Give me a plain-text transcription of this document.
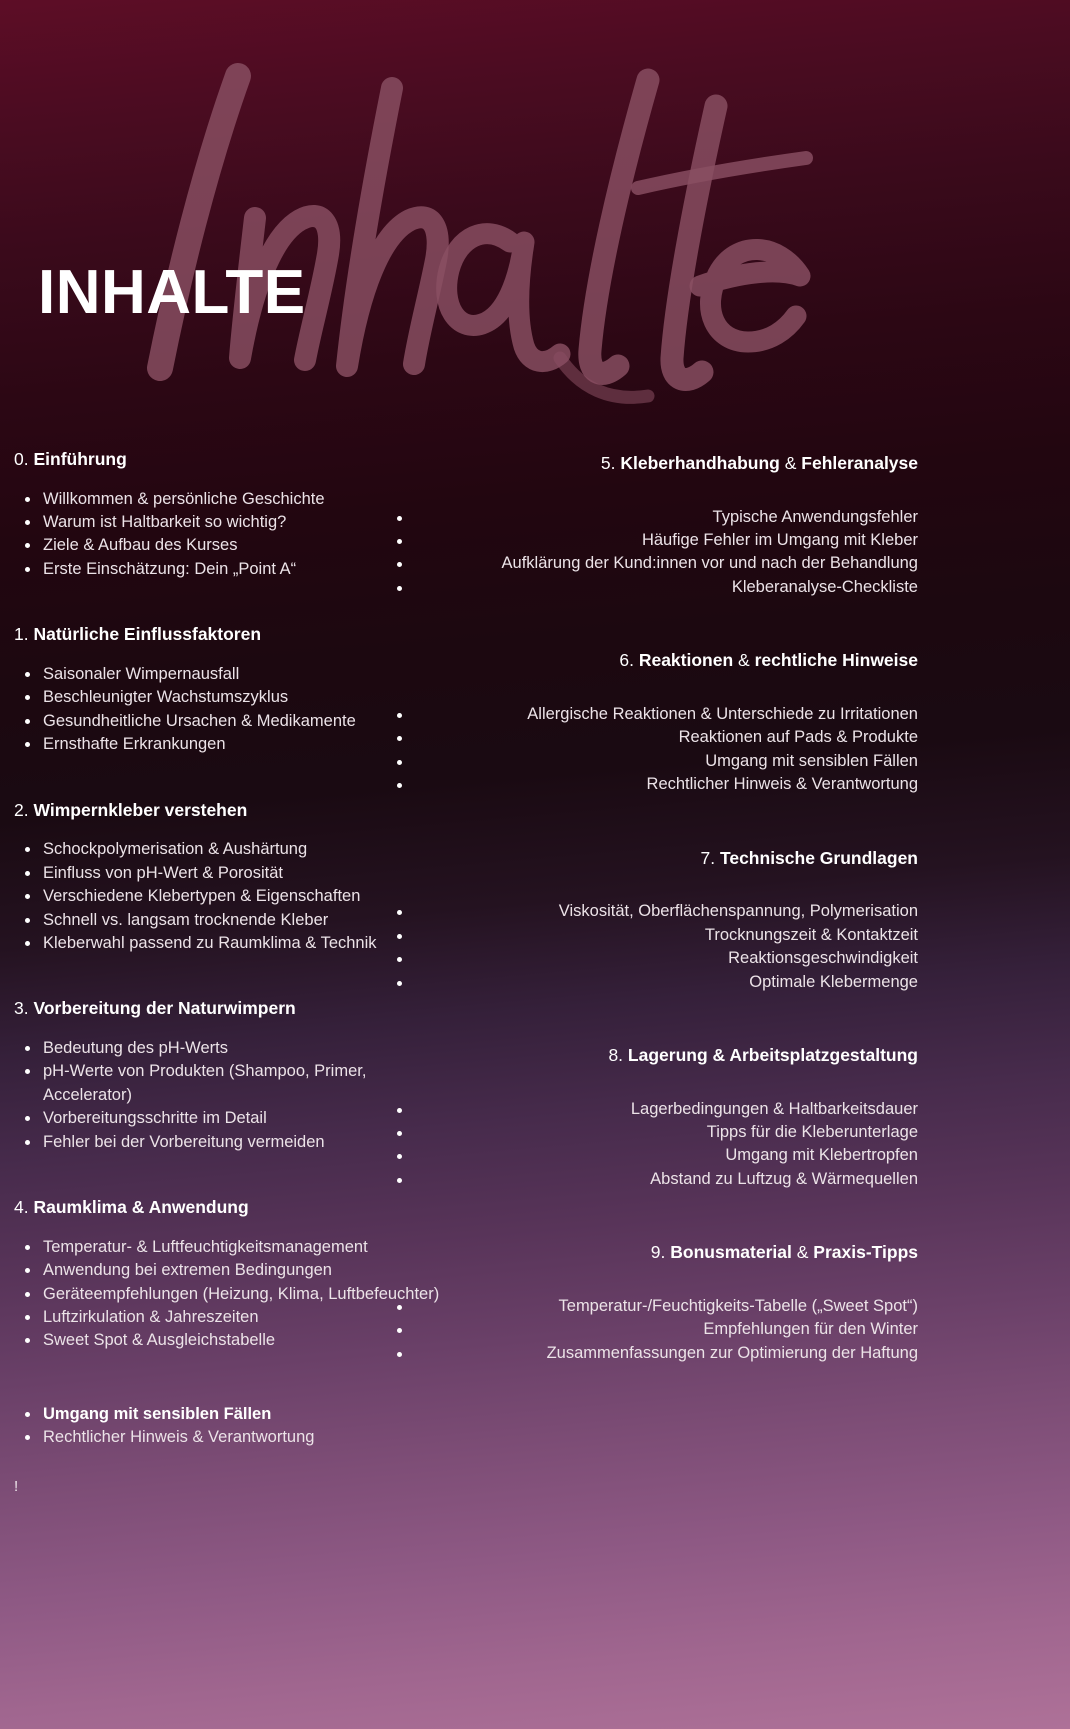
INHALTE
0. Einführung
Willkommen & persönliche Geschichte
Warum ist Haltbarkeit so wichtig?
Ziele & Aufbau des Kurses
Erste Einschätzung: Dein „Point A“
1. Natürliche Einflussfaktoren
Saisonaler Wimpernausfall
Beschleunigter Wachstumszyklus
Gesundheitliche Ursachen & Medikamente
Ernsthafte Erkrankungen
2. Wimpernkleber verstehen
Schockpolymerisation & Aushärtung
Einfluss von pH-Wert & Porosität
Verschiedene Klebertypen & Eigenschaften
Schnell vs. langsam trocknende Kleber
Kleberwahl passend zu Raumklima & Technik
3. Vorbereitung der Naturwimpern
Bedeutung des pH-Werts
pH-Werte von Produkten (Shampoo, Primer, Accelerator)
Vorbereitungsschritte im Detail
Fehler bei der Vorbereitung vermeiden
4. Raumklima & Anwendung
Temperatur- & Luftfeuchtigkeitsmanagement
Anwendung bei extremen Bedingungen
Geräteempfehlungen (Heizung, Klima, Luftbefeuchter)
Luftzirkulation & Jahreszeiten
Sweet Spot & Ausgleichstabelle
Umgang mit sensiblen Fällen
Rechtlicher Hinweis & Verantwortung
5. Kleberhandhabung & Fehleranalyse
Typische Anwendungsfehler
Häufige Fehler im Umgang mit Kleber
Aufklärung der Kund:innen vor und nach der Behandlung
Kleberanalyse-Checkliste
6. Reaktionen & rechtliche Hinweise
Allergische Reaktionen & Unterschiede zu Irritationen
Reaktionen auf Pads & Produkte
Umgang mit sensiblen Fällen
Rechtlicher Hinweis & Verantwortung
7. Technische Grundlagen
Viskosität, Oberflächenspannung, Polymerisation
Trocknungszeit & Kontaktzeit
Reaktionsgeschwindigkeit
Optimale Klebermenge
8. Lagerung & Arbeitsplatzgestaltung
Lagerbedingungen & Haltbarkeitsdauer
Tipps für die Kleberunterlage
Umgang mit Klebertropfen
Abstand zu Luftzug & Wärmequellen
9. Bonusmaterial & Praxis-Tipps
Temperatur-/Feuchtigkeits-Tabelle („Sweet Spot“)
Empfehlungen für den Winter
Zusammenfassungen zur Optimierung der Haftung
!
